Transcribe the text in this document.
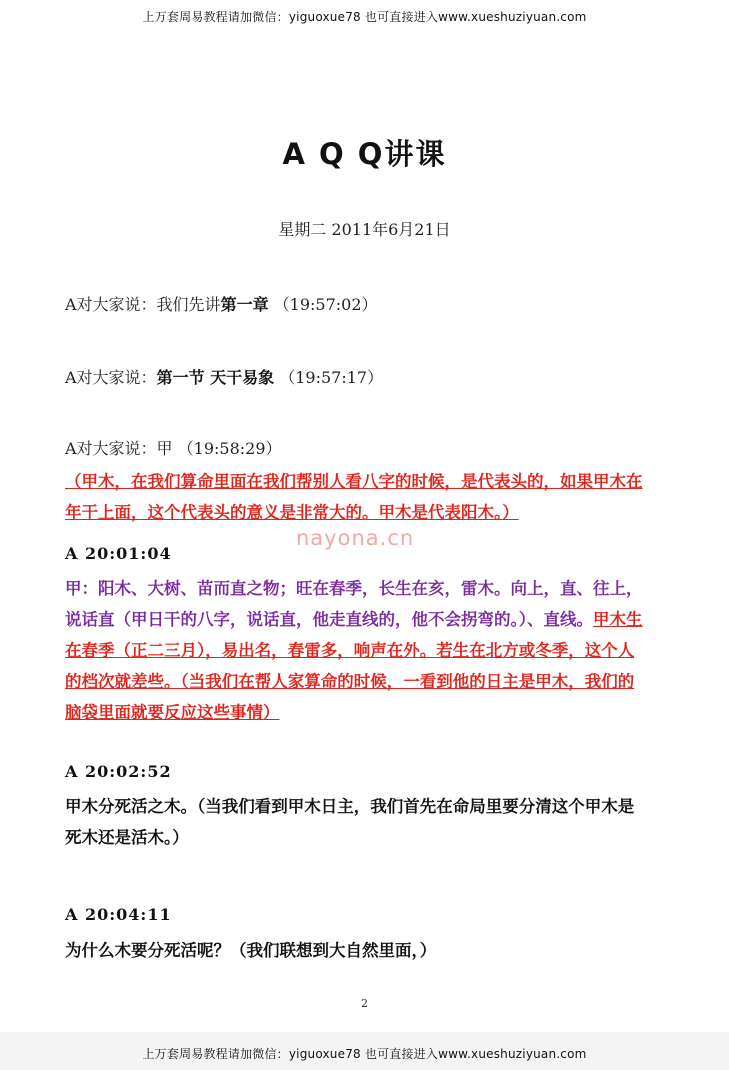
上万套周易教程请加微信：yiguoxue78 也可直接进入www.xueshuziyuan.com
A Q Q讲课
星期二 2011年6月21日
A对大家说：我们先讲第一章 （19:57:02）
A对大家说：第一节 天干易象 （19:57:17）
A对大家说：甲 （19:58:29）
（甲木，在我们算命里面在我们帮别人看八字的时候，是代表头的，如果甲木在年干上面，这个代表头的意义是非常大的。甲木是代表阳木。）
nayona.cn
A 20:01:04
甲：阳木、大树、苗而直之物；旺在春季，长生在亥，雷木。向上，直、往上，说话直（甲日干的八字，说话直，他走直线的，他不会拐弯的。）、直线。甲木生在春季（正二三月），易出名，春雷多，响声在外。若生在北方或冬季，这个人的档次就差些。（当我们在帮人家算命的时候，一看到他的日主是甲木，我们的脑袋里面就要反应这些事情）
A 20:02:52
甲木分死活之木。（当我们看到甲木日主，我们首先在命局里要分清这个甲木是死木还是活木。）
A 20:04:11
为什么木要分死活呢？（我们联想到大自然里面，）
2
上万套周易教程请加微信：yiguoxue78 也可直接进入www.xueshuziyuan.com
